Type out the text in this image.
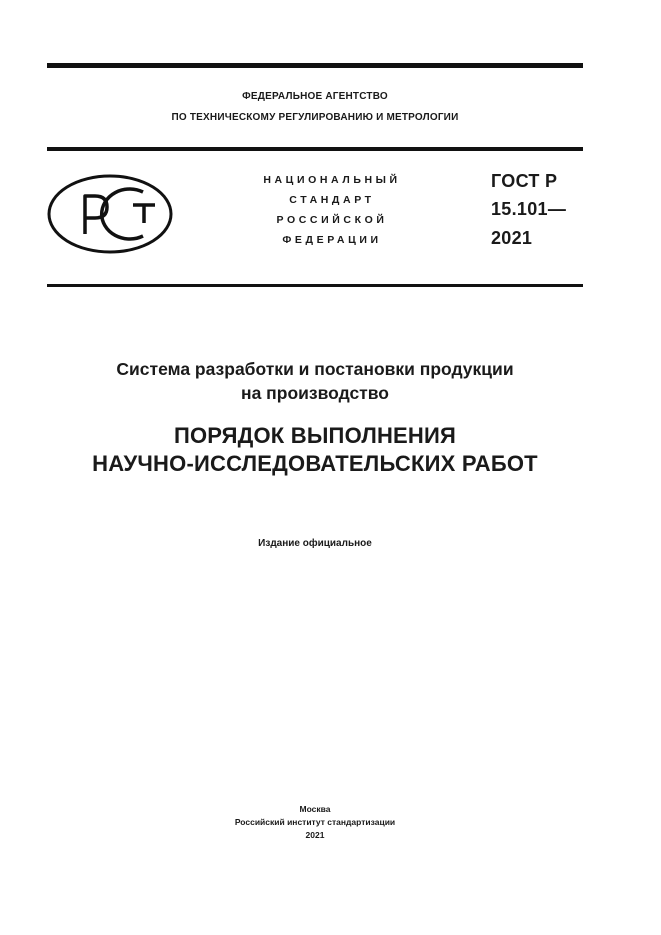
ФЕДЕРАЛЬНОЕ АГЕНТСТВО
ПО ТЕХНИЧЕСКОМУ РЕГУЛИРОВАНИЮ И МЕТРОЛОГИИ
НАЦИОНАЛЬНЫЙ
СТАНДАРТ
РОССИЙСКОЙ
ФЕДЕРАЦИИ
ГОСТ Р
15.101—
2021
Система разработки и постановки продукции
на производство
ПОРЯДОК ВЫПОЛНЕНИЯ
НАУЧНО-ИССЛЕДОВАТЕЛЬСКИХ РАБОТ
Издание официальное
Москва
Российский институт стандартизации
2021
